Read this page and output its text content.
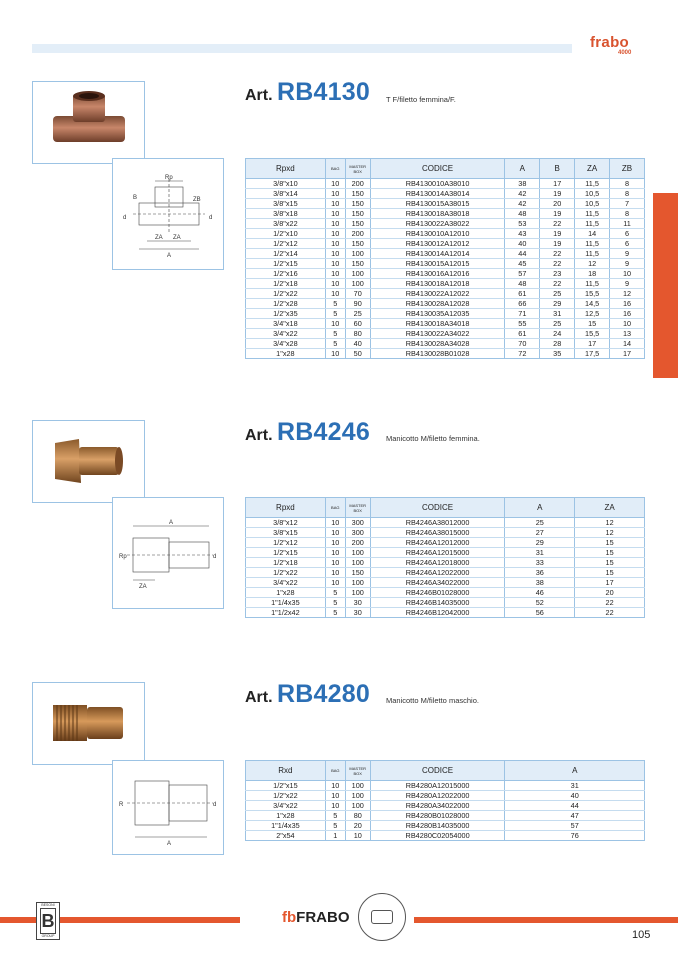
frabo
4000
Rp
ZB
d	d
B
ZA ZA
A
Art. RB4130 T F/filetto femmina/F.
Rpxd	BAG	MASTER BOX	CODICE	A	B	ZA	ZB
3/8"x10	10	200	RB4130010A38010	38	17	11,5	8
3/8"x14	10	150	RB4130014A38014	42	19	10,5	8
3/8"x15	10	150	RB4130015A38015	42	20	10,5	7
3/8"x18	10	150	RB4130018A38018	48	19	11,5	8
3/8"x22	10	150	RB4130022A38022	53	22	11,5	11
1/2"x10	10	200	RB4130010A12010	43	19	14	6
1/2"x12	10	150	RB4130012A12012	40	19	11,5	6
1/2"x14	10	100	RB4130014A12014	44	22	11,5	9
1/2"x15	10	150	RB4130015A12015	45	22	12	9
1/2"x16	10	100	RB4130016A12016	57	23	18	10
1/2"x18	10	100	RB4130018A12018	48	22	11,5	9
1/2"x22	10	70	RB4130022A12022	61	25	15,5	12
1/2"x28	5	90	RB4130028A12028	66	29	14,5	16
1/2"x35	5	25	RB4130035A12035	71	31	12,5	16
3/4"x18	10	60	RB4130018A34018	55	25	15	10
3/4"x22	5	80	RB4130022A34022	61	24	15,5	13
3/4"x28	5	40	RB4130028A34028	70	28	17	14
1"x28	10	50	RB4130028B01028	72	35	17,5	17
A
Rp	d
ZA
Art. RB4246 Manicotto M/filetto femmina.
Rpxd	BAG	MASTER BOX	CODICE	A	ZA
3/8"x12	10	300	RB4246A38012000	25	12
3/8"x15	10	300	RB4246A38015000	27	12
1/2"x12	10	200	RB4246A12012000	29	15
1/2"x15	10	100	RB4246A12015000	31	15
1/2"x18	10	100	RB4246A12018000	33	15
1/2"x22	10	150	RB4246A12022000	36	15
3/4"x22	10	100	RB4246A34022000	38	17
1"x28	5	100	RB4246B01028000	46	20
1"1/4x35	5	30	RB4246B14035000	52	22
1"1/2x42	5	30	RB4246B12042000	56	22
R	d
A
Art. RB4280 Manicotto M/filetto maschio.
Rxd	BAG	MASTER BOX	CODICE	A
1/2"x15	10	100	RB4280A12015000	31
1/2"x22	10	100	RB4280A12022000	40
3/4"x22	10	100	RB4280A34022000	44
1"x28	5	80	RB4280B01028000	47
1"1/4x35	5	20	RB4280B14035000	57
2"x54	1	10	RB4280C02054000	76
BESONI
B
GROUP
fbFRABO
105
